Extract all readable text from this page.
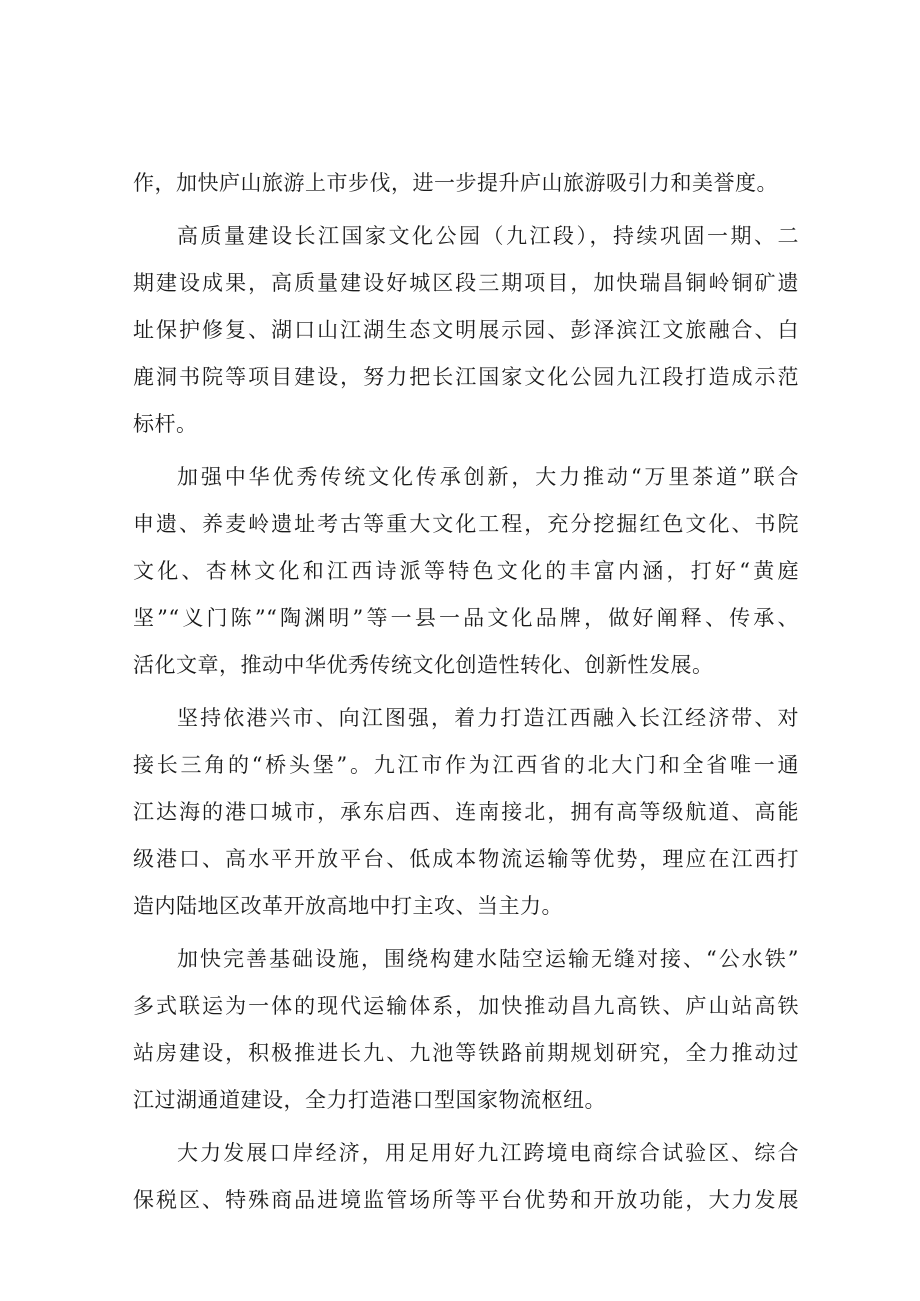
作，加快庐山旅游上市步伐，进一步提升庐山旅游吸引力和美誉度。
高质量建设长江国家文化公园（九江段），持续巩固一期、二
期建设成果，高质量建设好城区段三期项目，加快瑞昌铜岭铜矿遗
址保护修复、湖口山江湖生态文明展示园、彭泽滨江文旅融合、白
鹿洞书院等项目建设，努力把长江国家文化公园九江段打造成示范
标杆。
加强中华优秀传统文化传承创新，大力推动“万里茶道”联合
申遗、养麦岭遗址考古等重大文化工程，充分挖掘红色文化、书院
文化、杏林文化和江西诗派等特色文化的丰富内涵，打好“黄庭
坚”“义门陈”“陶渊明”等一县一品文化品牌，做好阐释、传承、
活化文章，推动中华优秀传统文化创造性转化、创新性发展。
坚持依港兴市、向江图强，着力打造江西融入长江经济带、对
接长三角的“桥头堡”。九江市作为江西省的北大门和全省唯一通
江达海的港口城市，承东启西、连南接北，拥有高等级航道、高能
级港口、高水平开放平台、低成本物流运输等优势，理应在江西打
造内陆地区改革开放高地中打主攻、当主力。
加快完善基础设施，围绕构建水陆空运输无缝对接、“公水铁”
多式联运为一体的现代运输体系，加快推动昌九高铁、庐山站高铁
站房建设，积极推进长九、九池等铁路前期规划研究，全力推动过
江过湖通道建设，全力打造港口型国家物流枢纽。
大力发展口岸经济，用足用好九江跨境电商综合试验区、综合
保税区、特殊商品进境监管场所等平台优势和开放功能，大力发展
